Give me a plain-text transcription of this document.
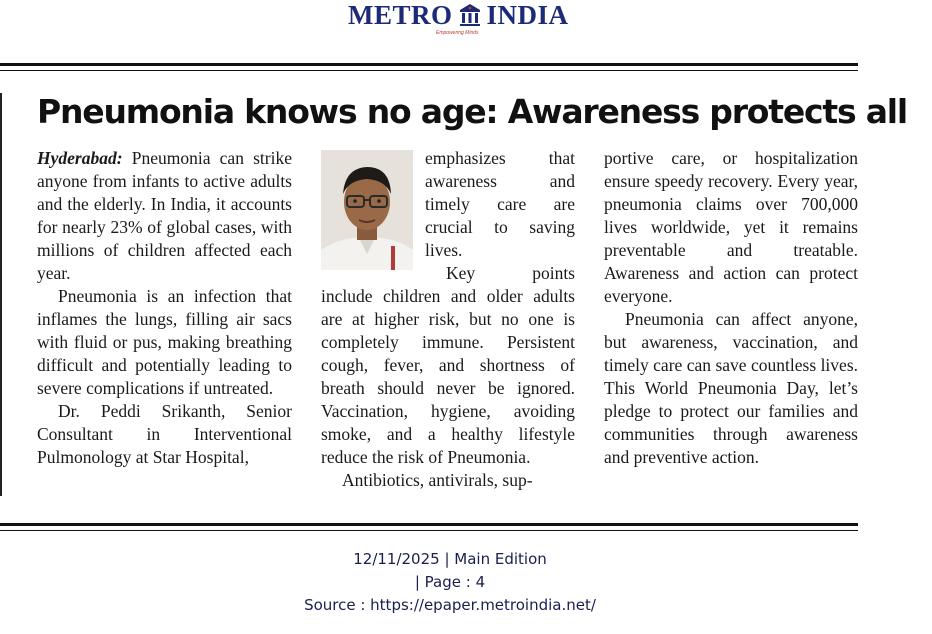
METRO INDIA
Empowering Minds
Pneumonia knows no age: Awareness protects all

Hyderabad: Pneumonia can strike anyone from infants to active adults and the elderly. In India, it accounts for nearly 23% of global cases, with millions of children affected each year.

Pneumonia is an infection that inflames the lungs, filling air sacs with fluid or pus, making breathing difficult and potentially leading to severe complications if untreated.

Dr. Peddi Srikanth, Senior Consultant in Interventional Pulmonology at Star Hospital,

emphasizes that awareness and timely care are crucial to saving lives.

Key points include children and older adults are at higher risk, but no one is completely immune. Persistent cough, fever, and shortness of breath should never be ignored. Vaccination, hygiene, avoiding smoke, and a healthy lifestyle reduce the risk of Pneumonia.

Antibiotics, antivirals, sup-

portive care, or hospitalization ensure speedy recovery. Every year, pneumonia claims over 700,000 lives worldwide, yet it remains preventable and treatable. Awareness and action can protect everyone.

Pneumonia can affect anyone, but awareness, vaccination, and timely care can save countless lives. This World Pneumonia Day, let’s pledge to protect our families and communities through awareness and preventive action.

12/11/2025 | Main Edition
| Page : 4
Source : https://epaper.metroindia.net/
